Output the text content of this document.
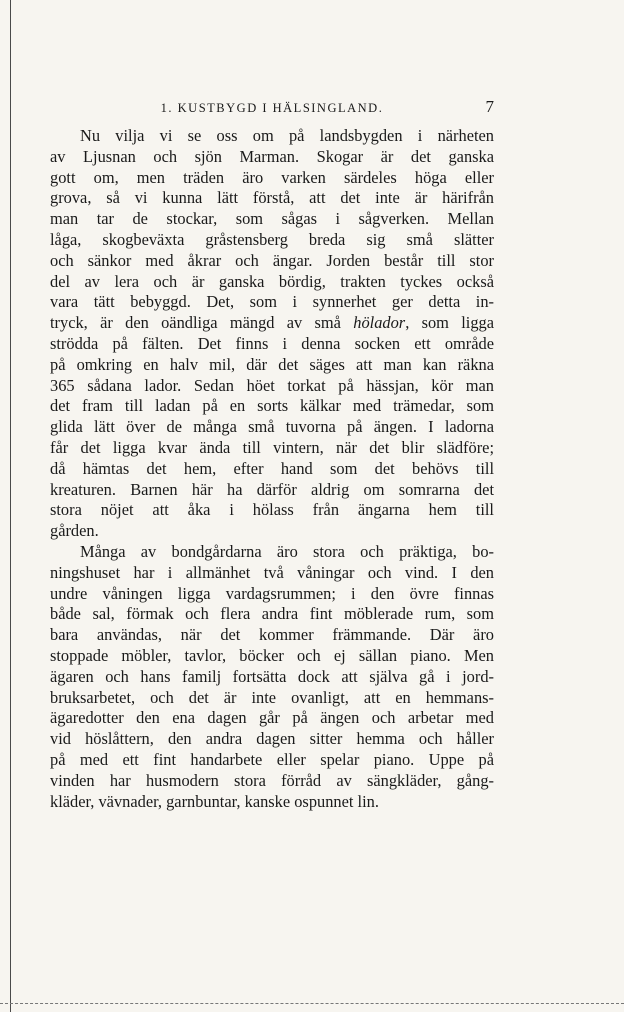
1. KUSTBYGD I HÄLSINGLAND.	7
Nu vilja vi se oss om på landsbygden i närheten
av Ljusnan och sjön Marman. Skogar är det ganska
gott om, men träden äro varken särdeles höga eller
grova, så vi kunna lätt förstå, att det inte är härifrån
man tar de stockar, som sågas i sågverken. Mellan
låga, skogbeväxta gråstensberg breda sig små slätter
och sänkor med åkrar och ängar. Jorden består till stor
del av lera och är ganska bördig, trakten tyckes också
vara tätt bebyggd. Det, som i synnerhet ger detta in-
tryck, är den oändliga mängd av små hölador, som ligga
strödda på fälten. Det finns i denna socken ett område
på omkring en halv mil, där det säges att man kan räkna
365 sådana lador. Sedan höet torkat på hässjan, kör man
det fram till ladan på en sorts kälkar med trämedar, som
glida lätt över de många små tuvorna på ängen. I ladorna
får det ligga kvar ända till vintern, när det blir slädföre;
då hämtas det hem, efter hand som det behövs till
kreaturen. Barnen här ha därför aldrig om somrarna det
stora nöjet att åka i hölass från ängarna hem till
gården.
Många av bondgårdarna äro stora och präktiga, bo-
ningshuset har i allmänhet två våningar och vind. I den
undre våningen ligga vardagsrummen; i den övre finnas
både sal, förmak och flera andra fint möblerade rum, som
bara användas, när det kommer främmande. Där äro
stoppade möbler, tavlor, böcker och ej sällan piano. Men
ägaren och hans familj fortsätta dock att själva gå i jord-
bruksarbetet, och det är inte ovanligt, att en hemmans-
ägaredotter den ena dagen går på ängen och arbetar med
vid höslåttern, den andra dagen sitter hemma och håller
på med ett fint handarbete eller spelar piano. Uppe på
vinden har husmodern stora förråd av sängkläder, gång-
kläder, vävnader, garnbuntar, kanske ospunnet lin.
